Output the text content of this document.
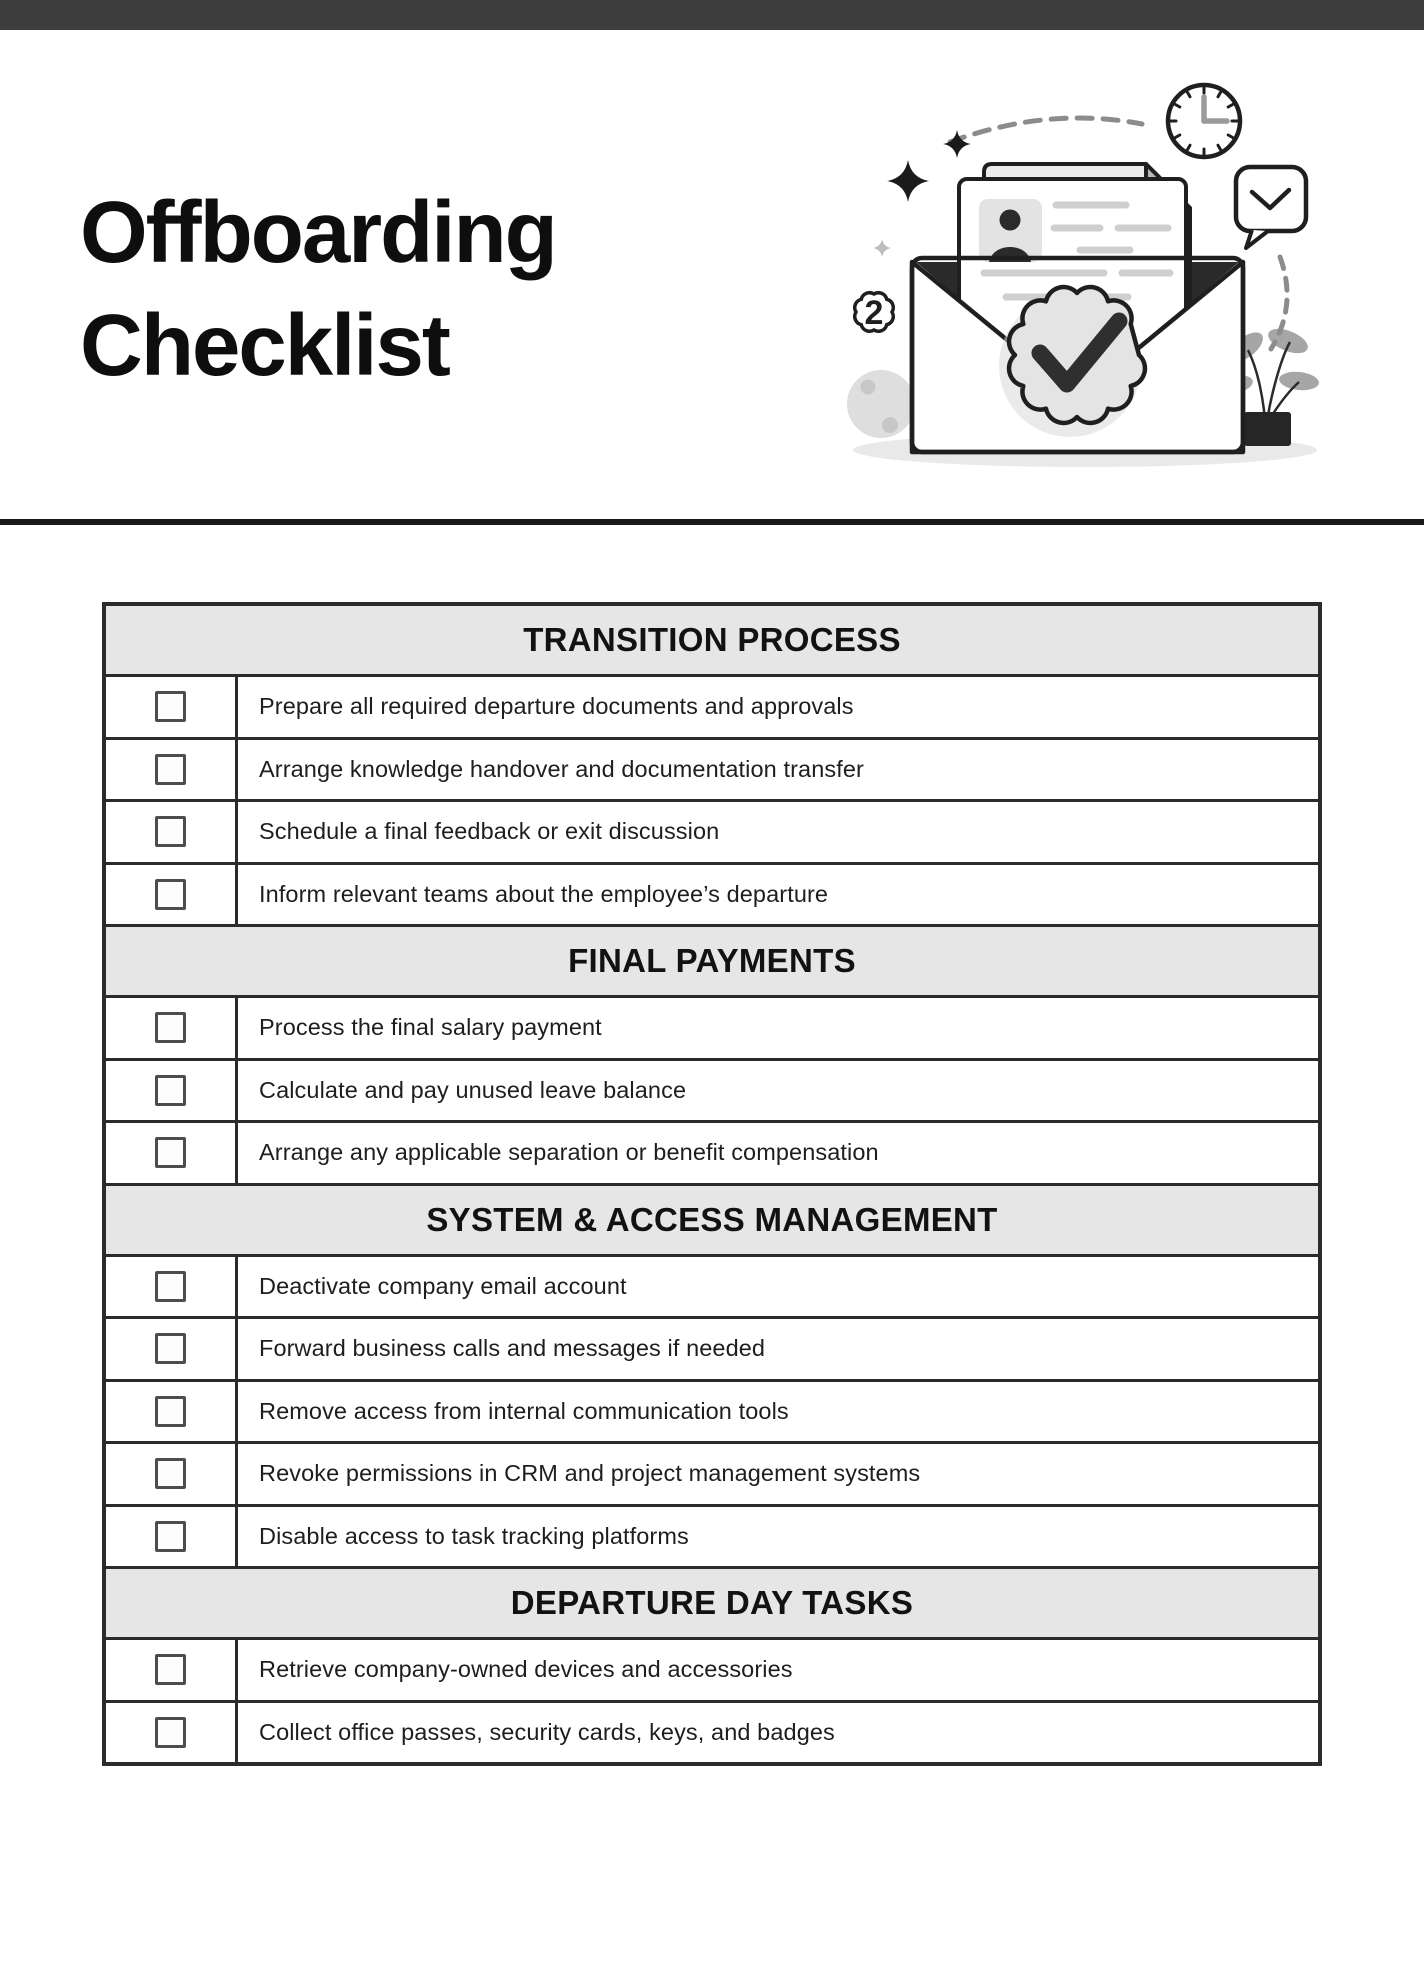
Offboarding Checklist	2
TRANSITION PROCESS
Prepare all required departure documents and approvals
Arrange knowledge handover and documentation transfer
Schedule a final feedback or exit discussion
Inform relevant teams about the employee’s departure
FINAL PAYMENTS
Process the final salary payment
Calculate and pay unused leave balance
Arrange any applicable separation or benefit compensation
SYSTEM & ACCESS MANAGEMENT
Deactivate company email account
Forward business calls and messages if needed
Remove access from internal communication tools
Revoke permissions in CRM and project management systems
Disable access to task tracking platforms
DEPARTURE DAY TASKS
Retrieve company-owned devices and accessories
Collect office passes, security cards, keys, and badges
